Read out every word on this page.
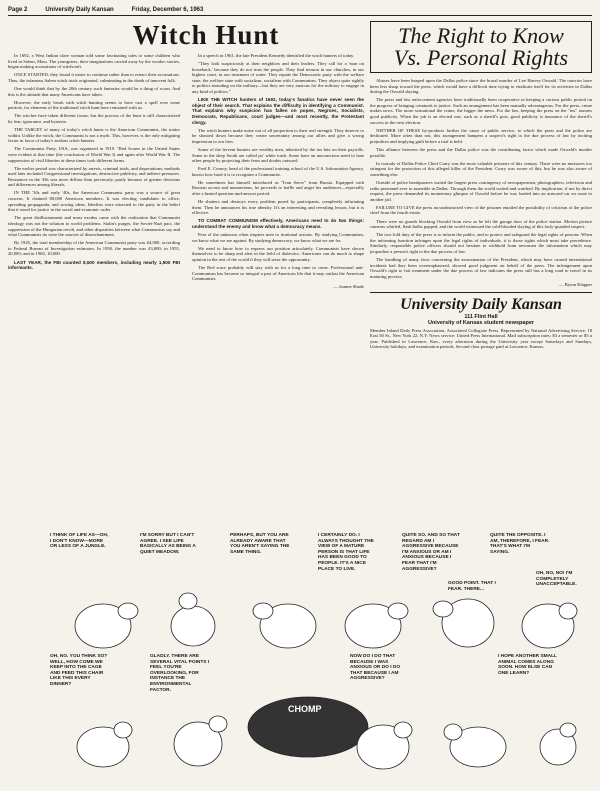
Page 2	University Daily Kansan	Friday, December 6, 1963
Witch Hunt

In 1692, a West Indian slave woman told some fascinating tales to some children who lived in Salem, Mass. The youngsters, their imaginations carried away by the voodoo stories, began making accusations of witchcraft.

ONCE STARTED, they found it easier to continue rather than to retract their accusations. Thus, the infamous Salem witch trials originated, culminating in the death of innocent folk.

One would think that by the 20th century such fantasies would be a thing of scorn. And this is the attitude that many Americans have taken.

However, the early brush with witch hunting seems to have cast a spell over some patriots, for elements of the traditional witch hunt have remained with us.

The witches have taken different forms, but the process of the hunt is still characterized by fear, ignorance, and hysteria.

THE TARGET of many of today's witch hunts is the American Communist, the traitor within. Unlike the witch, the Communist is not a myth. This, however, is the only mitigating factor in favor of today's zealous witch hunters.

The Communist Party, USA, was organized in 1919. "Red Scares in the United States were evident at that time (the conclusion of World War I) and again after World War II. The suppression of civil liberties at these times took different forms.

The earlier period was characterized by arrests, criminal trials, and deportations; methods used later included Congressional investigations, destructive publicity, and indirect pressures. Resistance in the '40s was more diffuse than previously, partly because of greater divisions and differences among liberals.

IN THE '30s and early '40s, the American Communist party was a source of great concern. It claimed 80,000 American members. It was electing candidates to office, spreading propaganda, and sowing ideas. Idealists were attracted to the party in the belief that it stood for justice in the social and economic order.

The great disillusionment and mass exodus came with the realization that Communist ideology was not the solution to world problems. Stalin's purges, the Soviet-Nazi pact, the suppression of the Hungarian revolt, and other disparities between what Communists say and what Communists do were the sources of disenchantment.

By 1945, the total membership of the American Communist party was 64,000, according to Federal Bureau of Investigation estimates. In 1950, the number was 43,000; in 1955, 20,000; and in 1960, 10,000.

LAST YEAR, the FBI counted 8,500 members, including nearly 1,500 FBI informants.

In a speech in 1961, the late President Kennedy identified the witch hunters of today.

"They look suspiciously at their neighbors and their leaders. They call for a 'man on horseback,' because they do not trust the people. They find treason in our churches, in our highest court, in our treatment of water. They equate the Democratic party with the welfare state, the welfare state with socialism, socialism with Communism. They object quite rightly to politics intruding on the military—but they are very anxious for the military to engage in any kind of politics."

LIKE THE WITCH hunters of 1692, today's fanatics have never seen the object of their search. That explains the difficulty in identifying a Communist. That explains why suspicion has fallen on popes, Negroes, Socialists, Democrats, Republicans, court judges—and most recently, the Protestant clergy.

The witch hunters make noise out of all proportion to their real strength. They deserve to be shouted down because they create uncertainty among our allies and give a wrong impression to our foes.

Some of the fervent hunters are wealthy men, inherited by the tax bite on their payrolls. Some in the deep South are called po' white trash. Some have an unconscious need to hate other people by projecting their fears and doubts outward.

Fred E. Conroy, head of the professional training school of the U.S. Information Agency, knows how hard it is to recognize a Communist.

He sometimes has himself introduced as "Ivan Serov" from Russia. Equipped with Russian accent and mannerisms, he proceeds to baffle and anger his audiences—especially after a heated question-and-answer period.

He shatters and destroys every problem posed by participants, completely infuriating them. Then he announces his true identity. It's an interesting and revealing lesson, but it is effective.

TO COMBAT COMMUNISM effectively, Americans need to do two things: understand the enemy and know what a democracy means.

Fear of the unknown often inspires men to irrational actions. By studying Communism, we know what we are against. By studying democracy, we know what we are for.

We need to know how to express our position articulately. Communists have shown themselves to be sharp and alert in the field of dialectics. Americans can do much to shape opinion in the rest of the world if they will seize the opportunity.

The Red scare probably will stay with us for a long time to come. Professional anti-Communism has become so integral a part of American life that it may outlast the American Communists.

— Joanne Shade
The Right to Know
Vs. Personal Rights

Abuses have been heaped upon the Dallas police since the brutal murder of Lee Harvey Oswald. The outcries have been less sharp toward the press, which would have a difficult time trying to vindicate itself for its activities in Dallas during the Oswald slaying.

The press and law enforcement agencies have traditionally been cooperative in keeping a curious public posted on the progress of bringing criminals to justice. Such an arrangement has been mutually advantageous. For the press, crime makes news. The more sensational the crime, the bigger the news. For the law, keeping the press on the "ins" assures good publicity. When the job is an elected one, such as a sheriff's post, good publicity is insurance of the sheriff's success in the next election.

NEITHER OF THESE by-products further the cause of public service, to which the press and the police are dedicated. More often than not, this arrangement hampers a suspect's right to the due process of law by inciting prejudices and implying guilt before a trial is held.

This alliance between the press and the Dallas police was the contributing factor which made Oswald's murder possible.

In custody of Dallas Police Chief Curry was the most valuable prisoner of this century. There were no measures too stringent for the protection of this alleged killer of the President. Curry was aware of this, but he was also aware of something else.

Outside of police headquarters waited the largest press contingency of newspapermen, photographers, television and radio personnel ever to assemble in Dallas. Through them the world waited and watched. By implication, if not by direct request, the press demanded its momentary glimpse of Oswald before he was loaded into an armored car en route to another jail.

FAILURE TO GIVE the press an unobstructed view of the prisoner entailed the possibility of criticism of the police chief from the fourth estate.

There were no guards blocking Oswald from view as he left the garage door of the police station. Motion picture cameras whirled, flash bulbs popped, and the world witnessed the cold-blooded slaying of this lacly-guarded suspect.

The two-fold duty of the press is to inform the public, and to protect and safeguard the legal rights of persons. When the informing function infringes upon the legal rights of individuals, it is those rights which must take precedence. Similarly, responsible police officers should not hesitate to withhold from newsmen the information which may jeopardize a person's right to the due process of law.

The handling of many facts concerning the assassination of the President, which may have caused international incidents had they been overemphasized, showed good judgment on behalf of the press. The infringement upon Oswald's right to fair treatment under the due process of law indicates the press still has a long road to travel in its maturing process.

— Byron Klapper
University Daily Kansan
111 Flint Hall
University of Kansas student newspaper
Member Inland Daily Press Association, Associated Collegiate Press. Represented by National Advertising Service, 18 East 50 St., New York 22, N.Y. News service: United Press International. Mail subscription rates: $3 a semester or $5 a year. Published in Lawrence, Kan., every afternoon during the University year except Saturdays and Sundays, University holidays, and examination periods. Second class postage paid at Lawrence, Kansas.
I THINK OF LIFE AS—OH, I DON'T KNOW—MORE OR LESS OF A JUNGLE.
I'M SORRY BUT I CAN'T AGREE. I SEE LIFE BASICALLY AS BEING A QUIET MEADOW.
PERHAPS, BUT YOU ARE ALREADY AWARE THAT YOU AREN'T SAYING THE SAME THING.
I CERTAINLY DO. I ALWAYS THOUGHT THE VIEW OF A MATURE PERSON IS THAT LIFE HAS BEEN GOOD TO PEOPLE. IT'S A NICE PLACE TO LIVE.
QUITE SO. AND SO THAT REGARD AM I AGGRESSIVE BECAUSE I'M ANXIOUS OR AM I ANXIOUS BECAUSE I FEAR THAT I'M AGGRESSIVE?
GOOD POINT. THAT I FEAR. THERE...
QUITE THE OPPOSITE. I AM, THEREFORE, I FEAR. THAT'S WHAT I'M SAYING.
OH, NO, NO! I'M COMPLETELY UNACCEPTABLE.
OH, NO. YOU THINK SO? WELL, HOW COME WE KEEP INTO THE CAGE AND FEED THIS CHAIR LIKE THIS EVERY DINNER?
GLADLY. THERE ARE SEVERAL VITAL POINTS I FEEL YOU'RE OVERLOOKING, FOR INSTANCE THE ENVIRONMENTAL FACTOR.
CHOMP
NOW DO I DO THAT BECAUSE I WAS ANXIOUS OR DO I DO THAT BECAUSE I AM AGGRESSIVE?
I HOPE ANOTHER SMALL ANIMAL COMES ALONG SOON. HOW ELSE CAN ONE LEARN?
